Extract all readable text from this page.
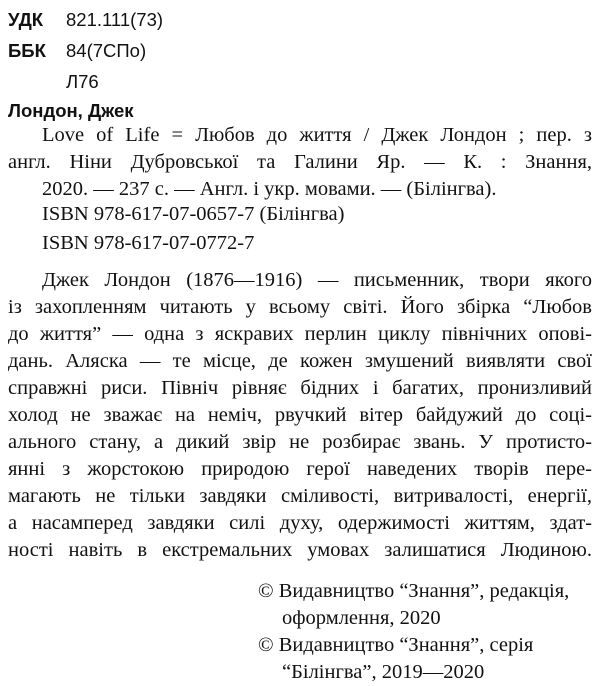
УДК	821.111(73)
ББК	84(7СПо)
Л76
Лондон, Джек
Love of Life = Любов до життя / Джек Лондон ; пер. з
англ. Ніни Дубровської та Галини Яр. — К. : Знання,
2020. — 237 с. — Англ. і укр. мовами. — (Білінгва).
ISBN 978-617-07-0657-7 (Білінгва)
ISBN 978-617-07-0772-7
Джек Лондон (1876—1916) — письменник, твори якого
із захопленням читають у всьому світі. Його збірка “Любов
до життя” — одна з яскравих перлин циклу північних опові-
дань. Аляска — те місце, де кожен змушений виявляти свої
справжні риси. Північ рівняє бідних і багатих, пронизливий
холод не зважає на неміч, рвучкий вітер байдужий до соці-
ального стану, а дикий звір не розбирає звань. У протисто-
янні з жорстокою природою герої наведених творів пере-
магають не тільки завдяки сміливості, витривалості, енергії,
а насамперед завдяки силі духу, одержимості життям, здат-
ності навіть в екстремальних умовах залишатися Людиною.
© Видавництво “Знання”, редакція,
оформлення, 2020
© Видавництво “Знання”, серія
“Білінгва”, 2019—2020
